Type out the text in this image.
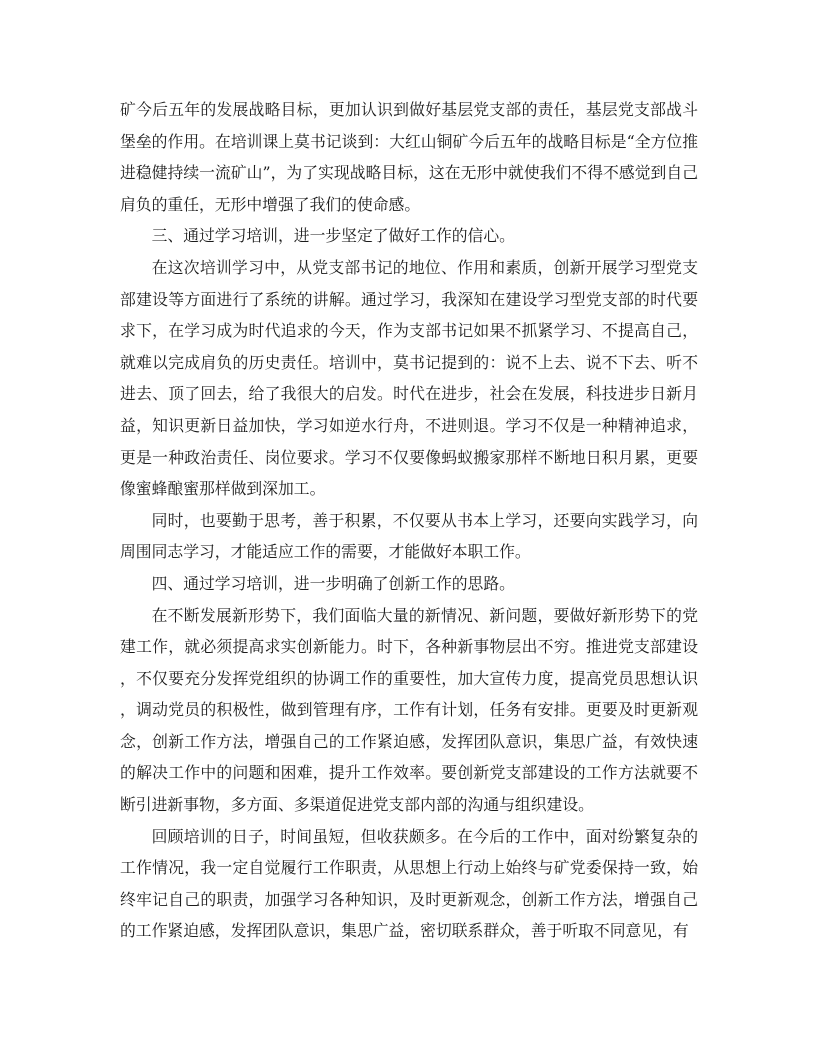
矿今后五年的发展战略目标，更加认识到做好基层党支部的责任，基层党支部战斗堡垒的作用。在培训课上莫书记谈到：大红山铜矿今后五年的战略目标是“全方位推进稳健持续一流矿山”，为了实现战略目标，这在无形中就使我们不得不感觉到自己肩负的重任，无形中增强了我们的使命感。

三、通过学习培训，进一步坚定了做好工作的信心。

在这次培训学习中，从党支部书记的地位、作用和素质，创新开展学习型党支部建设等方面进行了系统的讲解。通过学习，我深知在建设学习型党支部的时代要求下，在学习成为时代追求的今天，作为支部书记如果不抓紧学习、不提高自己，就难以完成肩负的历史责任。培训中，莫书记提到的：说不上去、说不下去、听不进去、顶了回去，给了我很大的启发。时代在进步，社会在发展，科技进步日新月益，知识更新日益加快，学习如逆水行舟，不进则退。学习不仅是一种精神追求，更是一种政治责任、岗位要求。学习不仅要像蚂蚁搬家那样不断地日积月累，更要像蜜蜂酿蜜那样做到深加工。

同时，也要勤于思考，善于积累，不仅要从书本上学习，还要向实践学习，向周围同志学习，才能适应工作的需要，才能做好本职工作。

四、通过学习培训，进一步明确了创新工作的思路。

在不断发展新形势下，我们面临大量的新情况、新问题，要做好新形势下的党建工作，就必须提高求实创新能力。时下，各种新事物层出不穷。推进党支部建设，不仅要充分发挥党组织的协调工作的重要性，加大宣传力度，提高党员思想认识，调动党员的积极性，做到管理有序，工作有计划，任务有安排。更要及时更新观念，创新工作方法，增强自己的工作紧迫感，发挥团队意识，集思广益，有效快速的解决工作中的问题和困难，提升工作效率。要创新党支部建设的工作方法就要不断引进新事物，多方面、多渠道促进党支部内部的沟通与组织建设。

回顾培训的日子，时间虽短，但收获颇多。在今后的工作中，面对纷繁复杂的工作情况，我一定自觉履行工作职责，从思想上行动上始终与矿党委保持一致，始终牢记自己的职责，加强学习各种知识，及时更新观念，创新工作方法，增强自己的工作紧迫感，发挥团队意识，集思广益，密切联系群众，善于听取不同意见，有
